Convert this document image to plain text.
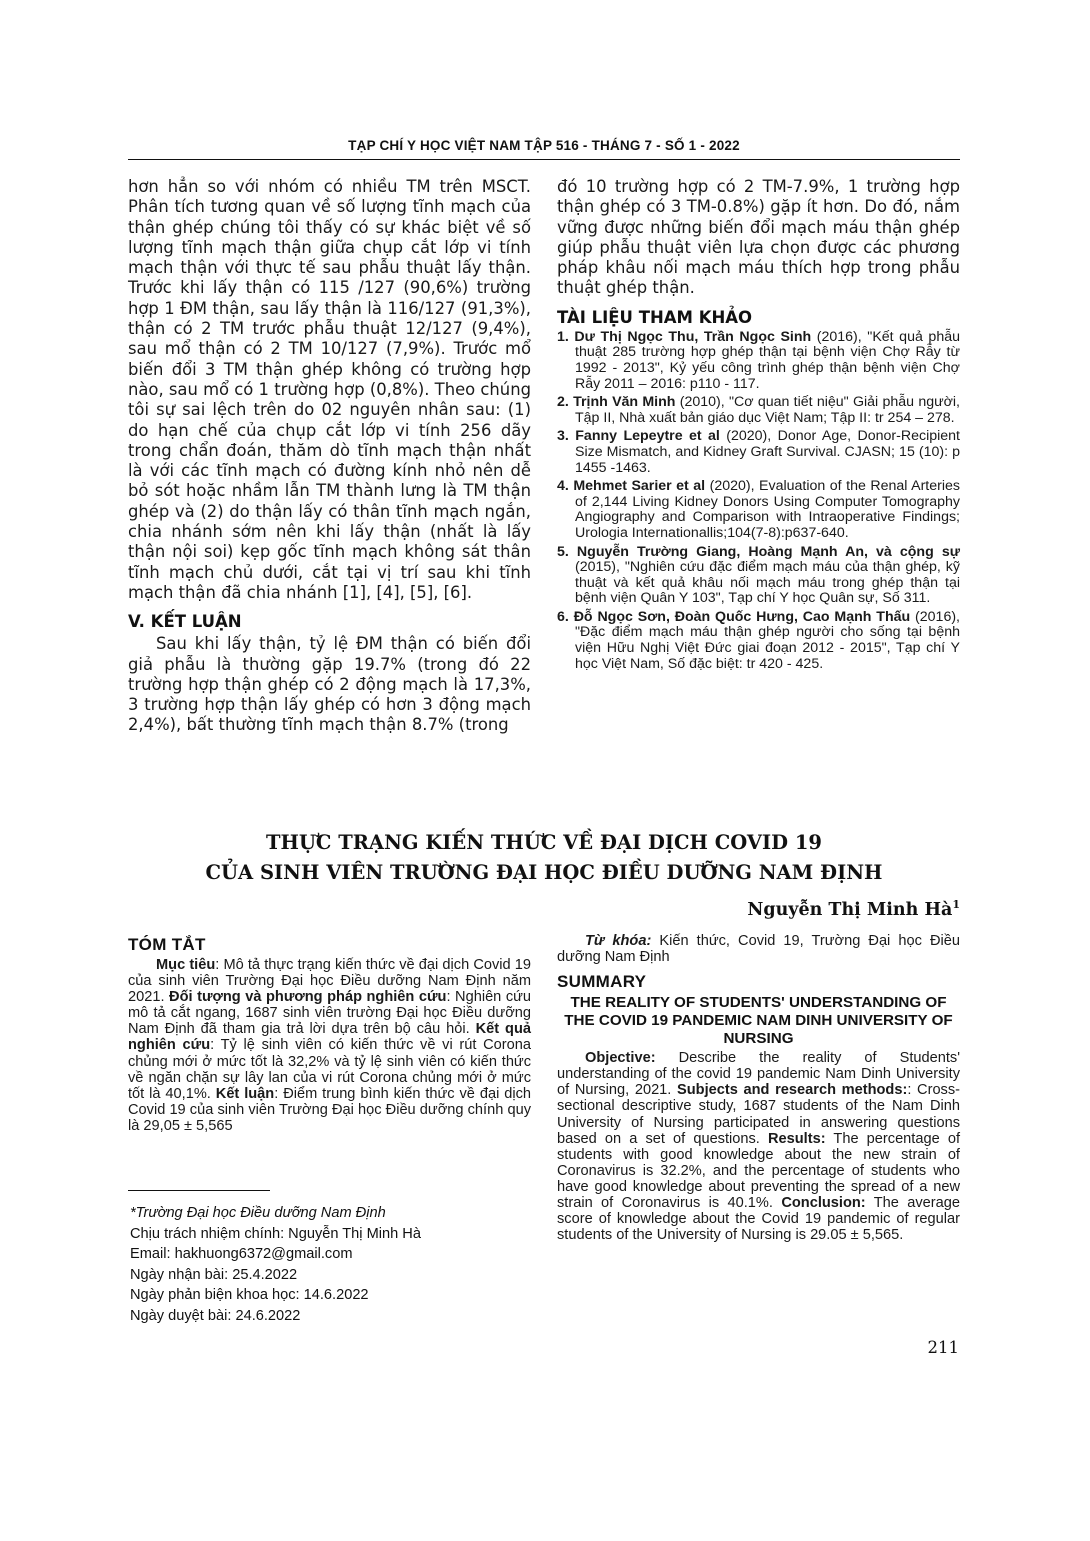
TẠP CHÍ Y HỌC VIỆT NAM TẬP 516 - THÁNG 7 - SỐ 1 - 2022

hơn hẳn so với nhóm có nhiều TM trên MSCT. Phân tích tương quan về số lượng tĩnh mạch của thận ghép chúng tôi thấy có sự khác biệt về số lượng tĩnh mạch thận giữa chụp cắt lớp vi tính mạch thận với thực tế sau phẫu thuật lấy thận. Trước khi lấy thận có 115 /127 (90,6%) trường hợp 1 ĐM thận, sau lấy thận là 116/127 (91,3%), thận có 2 TM trước phẫu thuật 12/127 (9,4%), sau mổ thận có 2 TM 10/127 (7,9%). Trước mổ biến đổi 3 TM thận ghép không có trường hợp nào, sau mổ có 1 trường hợp (0,8%). Theo chúng tôi sự sai lệch trên do 02 nguyên nhân sau: (1) do hạn chế của chụp cắt lớp vi tính 256 dãy trong chẩn đoán, thăm dò tĩnh mạch thận nhất là với các tĩnh mạch có đường kính nhỏ nên dễ bỏ sót hoặc nhầm lẫn TM thành lưng là TM thận ghép và (2) do thận lấy có thân tĩnh mạch ngắn, chia nhánh sớm nên khi lấy thận (nhất là lấy thận nội soi) kẹp gốc tĩnh mạch không sát thân tĩnh mạch chủ dưới, cắt tại vị trí sau khi tĩnh mạch thận đã chia nhánh [1], [4], [5], [6].

V. KẾT LUẬN

Sau khi lấy thận, tỷ lệ ĐM thận có biến đổi giả phẫu là thường gặp 19.7% (trong đó 22 trường hợp thận ghép có 2 động mạch là 17,3%, 3 trường hợp thận lấy ghép có hơn 3 động mạch 2,4%), bất thường tĩnh mạch thận 8.7% (trong

đó 10 trường hợp có 2 TM-7.9%, 1 trường hợp thận ghép có 3 TM-0.8%) gặp ít hơn. Do đó, nắm vững được những biến đổi mạch máu thận ghép giúp phẫu thuật viên lựa chọn được các phương pháp khâu nối mạch máu thích hợp trong phẫu thuật ghép thận.

TÀI LIỆU THAM KHẢO
1. Dư Thị Ngọc Thu, Trần Ngọc Sinh (2016), "Kết quả phẫu thuật 285 trường hợp ghép thận tại bệnh viện Chợ Rẫy từ 1992 - 2013", Kỷ yếu công trình ghép thận bệnh viện Chợ Rẫy 2011 – 2016: p110 - 117.
2. Trịnh Văn Minh (2010), "Cơ quan tiết niệu" Giải phẫu người, Tập II, Nhà xuất bản giáo dục Việt Nam; Tập II: tr 254 – 278.
3. Fanny Lepeytre et al (2020), Donor Age, Donor-Recipient Size Mismatch, and Kidney Graft Survival. CJASN; 15 (10): p 1455 -1463.
4. Mehmet Sarier et al (2020), Evaluation of the Renal Arteries of 2,144 Living Kidney Donors Using Computer Tomography Angiography and Comparison with Intraoperative Findings; Urologia Internationallis;104(7-8):p637-640.
5. Nguyễn Trường Giang, Hoàng Mạnh An, và cộng sự (2015), "Nghiên cứu đặc điểm mạch máu của thận ghép, kỹ thuật và kết quả khâu nối mạch máu trong ghép thận tại bệnh viện Quân Y 103", Tạp chí Y học Quân sự, Số 311.
6. Đỗ Ngọc Sơn, Đoàn Quốc Hưng, Cao Mạnh Thấu (2016), "Đặc điểm mạch máu thận ghép người cho sống tại bệnh viện Hữu Nghị Việt Đức giai đoạn 2012 - 2015", Tạp chí Y học Việt Nam, Số đặc biệt: tr 420 - 425.
THỰC TRẠNG KIẾN THỨC VỀ ĐẠI DỊCH COVID 19
CỦA SINH VIÊN TRƯỜNG ĐẠI HỌC ĐIỀU DƯỠNG NAM ĐỊNH
Nguyễn Thị Minh $Hà^1$
TÓM TẮT

Mục tiêu: Mô tả thực trạng kiến thức về đại dịch Covid 19 của sinh viên Trường Đại học Điều dưỡng Nam Định năm 2021. Đối tượng và phương pháp nghiên cứu: Nghiên cứu mô tả cắt ngang, 1687 sinh viên trường Đại học Điều dưỡng Nam Định đã tham gia trả lời dựa trên bộ câu hỏi. Kết quả nghiên cứu: Tỷ lệ sinh viên có kiến thức về vi rút Corona chủng mới ở mức tốt là 32,2% và tỷ lệ sinh viên có kiến thức về ngăn chặn sự lây lan của vi rút Corona chủng mới ở mức tốt là 40,1%. Kết luận: Điểm trung bình kiến thức về đại dịch Covid 19 của sinh viên Trường Đại học Điều dưỡng chính quy là 29,05 ± 5,565

Từ khóa: Kiến thức, Covid 19, Trường Đại học Điều dưỡng Nam Định

SUMMARY
THE REALITY OF STUDENTS' UNDERSTANDING OF THE COVID 19 PANDEMIC NAM DINH UNIVERSITY OF NURSING

Objective: Describe the reality of Students' understanding of the covid 19 pandemic Nam Dinh University of Nursing, 2021. Subjects and research methods:: Cross-sectional descriptive study, 1687 students of the Nam Dinh University of Nursing participated in answering questions based on a set of questions. Results: The percentage of students with good knowledge about the new strain of Coronavirus is 32.2%, and the percentage of students who have good knowledge about preventing the spread of a new strain of Coronavirus is 40.1%. Conclusion: The average score of knowledge about the Covid 19 pandemic of regular students of the University of Nursing is 29.05 ± 5,565.

*Trường Đại học Điều dưỡng Nam Định
Chịu trách nhiệm chính: Nguyễn Thị Minh Hà
Email: hakhuong6372@gmail.com
Ngày nhận bài: 25.4.2022
Ngày phản biện khoa học: 14.6.2022
Ngày duyệt bài: 24.6.2022
211
